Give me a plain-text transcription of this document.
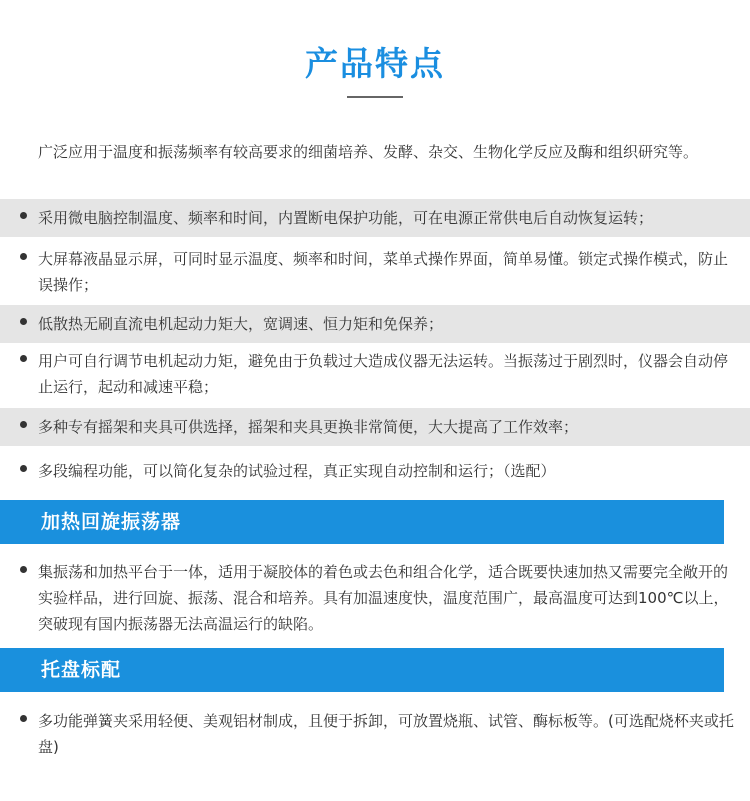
产品特点
广泛应用于温度和振荡频率有较高要求的细菌培养、发酵、杂交、生物化学反应及酶和组织研究等。
采用微电脑控制温度、频率和时间，内置断电保护功能，可在电源正常供电后自动恢复运转；
大屏幕液晶显示屏，可同时显示温度、频率和时间，菜单式操作界面，简单易懂。锁定式操作模式，防止误操作；
低散热无刷直流电机起动力矩大，宽调速、恒力矩和免保养；
用户可自行调节电机起动力矩，避免由于负载过大造成仪器无法运转。当振荡过于剧烈时，仪器会自动停止运行，起动和减速平稳；
多种专有摇架和夹具可供选择，摇架和夹具更换非常简便，大大提高了工作效率；
多段编程功能，可以简化复杂的试验过程，真正实现自动控制和运行；（选配）
加热回旋振荡器
集振荡和加热平台于一体，适用于凝胶体的着色或去色和组合化学，适合既要快速加热又需要完全敞开的实验样品，进行回旋、振荡、混合和培养。具有加温速度快，温度范围广，最高温度可达到100℃以上，突破现有国内振荡器无法高温运行的缺陷。
托盘标配
多功能弹簧夹采用轻便、美观铝材制成，且便于拆卸，可放置烧瓶、试管、酶标板等。(可选配烧杯夹或托盘)
